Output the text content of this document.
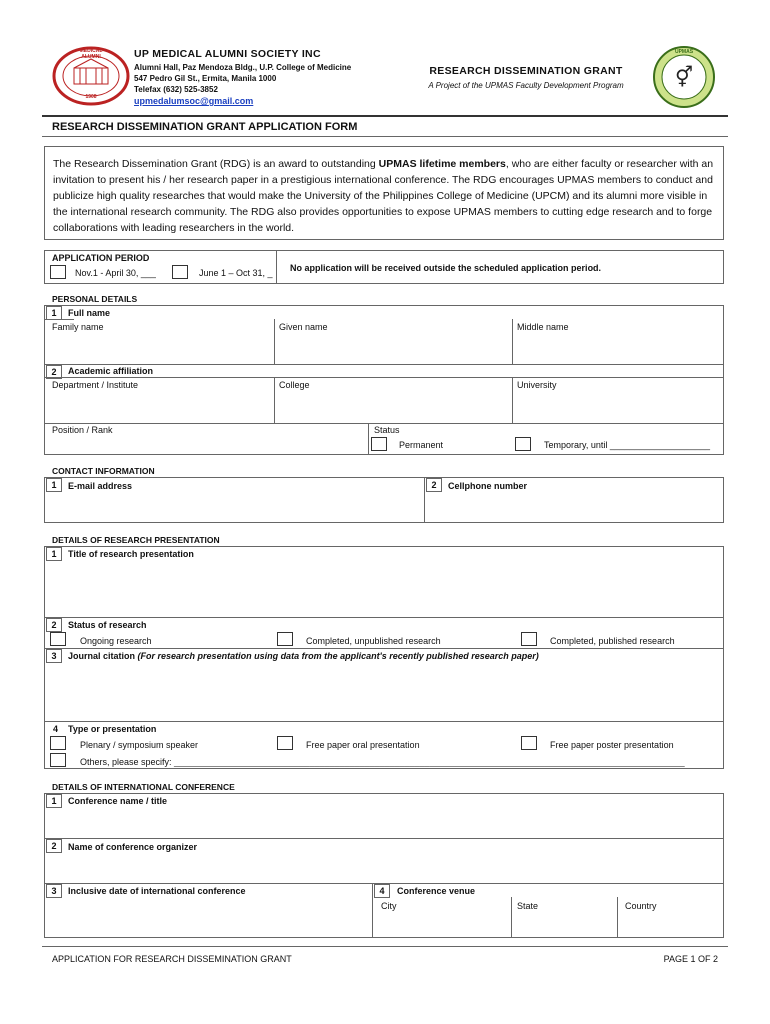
MEDICAL ALUMNI
1908
UP MEDICAL ALUMNI SOCIETY INC
Alumni Hall, Paz Mendoza Bldg., U.P. College of Medicine
547 Pedro Gil St., Ermita, Manila 1000
Telefax (632) 525-3852
upmedalumsoc@gmail.com
RESEARCH DISSEMINATION GRANT
A Project of the UPMAS Faculty Development Program	⚥
UPMAS
RESEARCH DISSEMINATION GRANT APPLICATION FORM
The Research Dissemination Grant (RDG) is an award to outstanding UPMAS lifetime members, who are either faculty or researcher with an invitation to present his / her research paper in a prestigious international conference. The RDG encourages UPMAS members to conduct and publicize high quality researches that would make the University of the Philippines College of Medicine (UPCM) and its alumni more visible in the international research community. The RDG also provides opportunities to expose UPMAS members to cutting edge research and to forge collaborations with leading researchers in the world.
APPLICATION PERIOD
Nov.1 - April 30, ___	June 1 – Oct 31, _ No application will be received outside the scheduled application period.
PERSONAL DETAILS
1	Full name
Family name	Given name	Middle name
2	Academic affiliation
Department / Institute	College	University
Position / Rank	Status
Permanent	Temporary, until ____________________
CONTACT INFORMATION
1	E-mail address	2	Cellphone number
DETAILS OF RESEARCH PRESENTATION
1	Title of research presentation
2	Status of research
Ongoing research	Completed, unpublished research	Completed, published research
3	Journal citation (For research presentation using data from the applicant's recently published research paper)
4 Type or presentation
Plenary / symposium speaker	Free paper oral presentation	Free paper poster presentation
Others, please specify: ______________________________________________________________________________________________________
DETAILS OF INTERNATIONAL CONFERENCE
1	Conference name / title
2	Name of conference organizer
3	Inclusive date of international conference	4	Conference venue
City	State	Country
APPLICATION FOR RESEARCH DISSEMINATION GRANT	PAGE 1 OF 2
